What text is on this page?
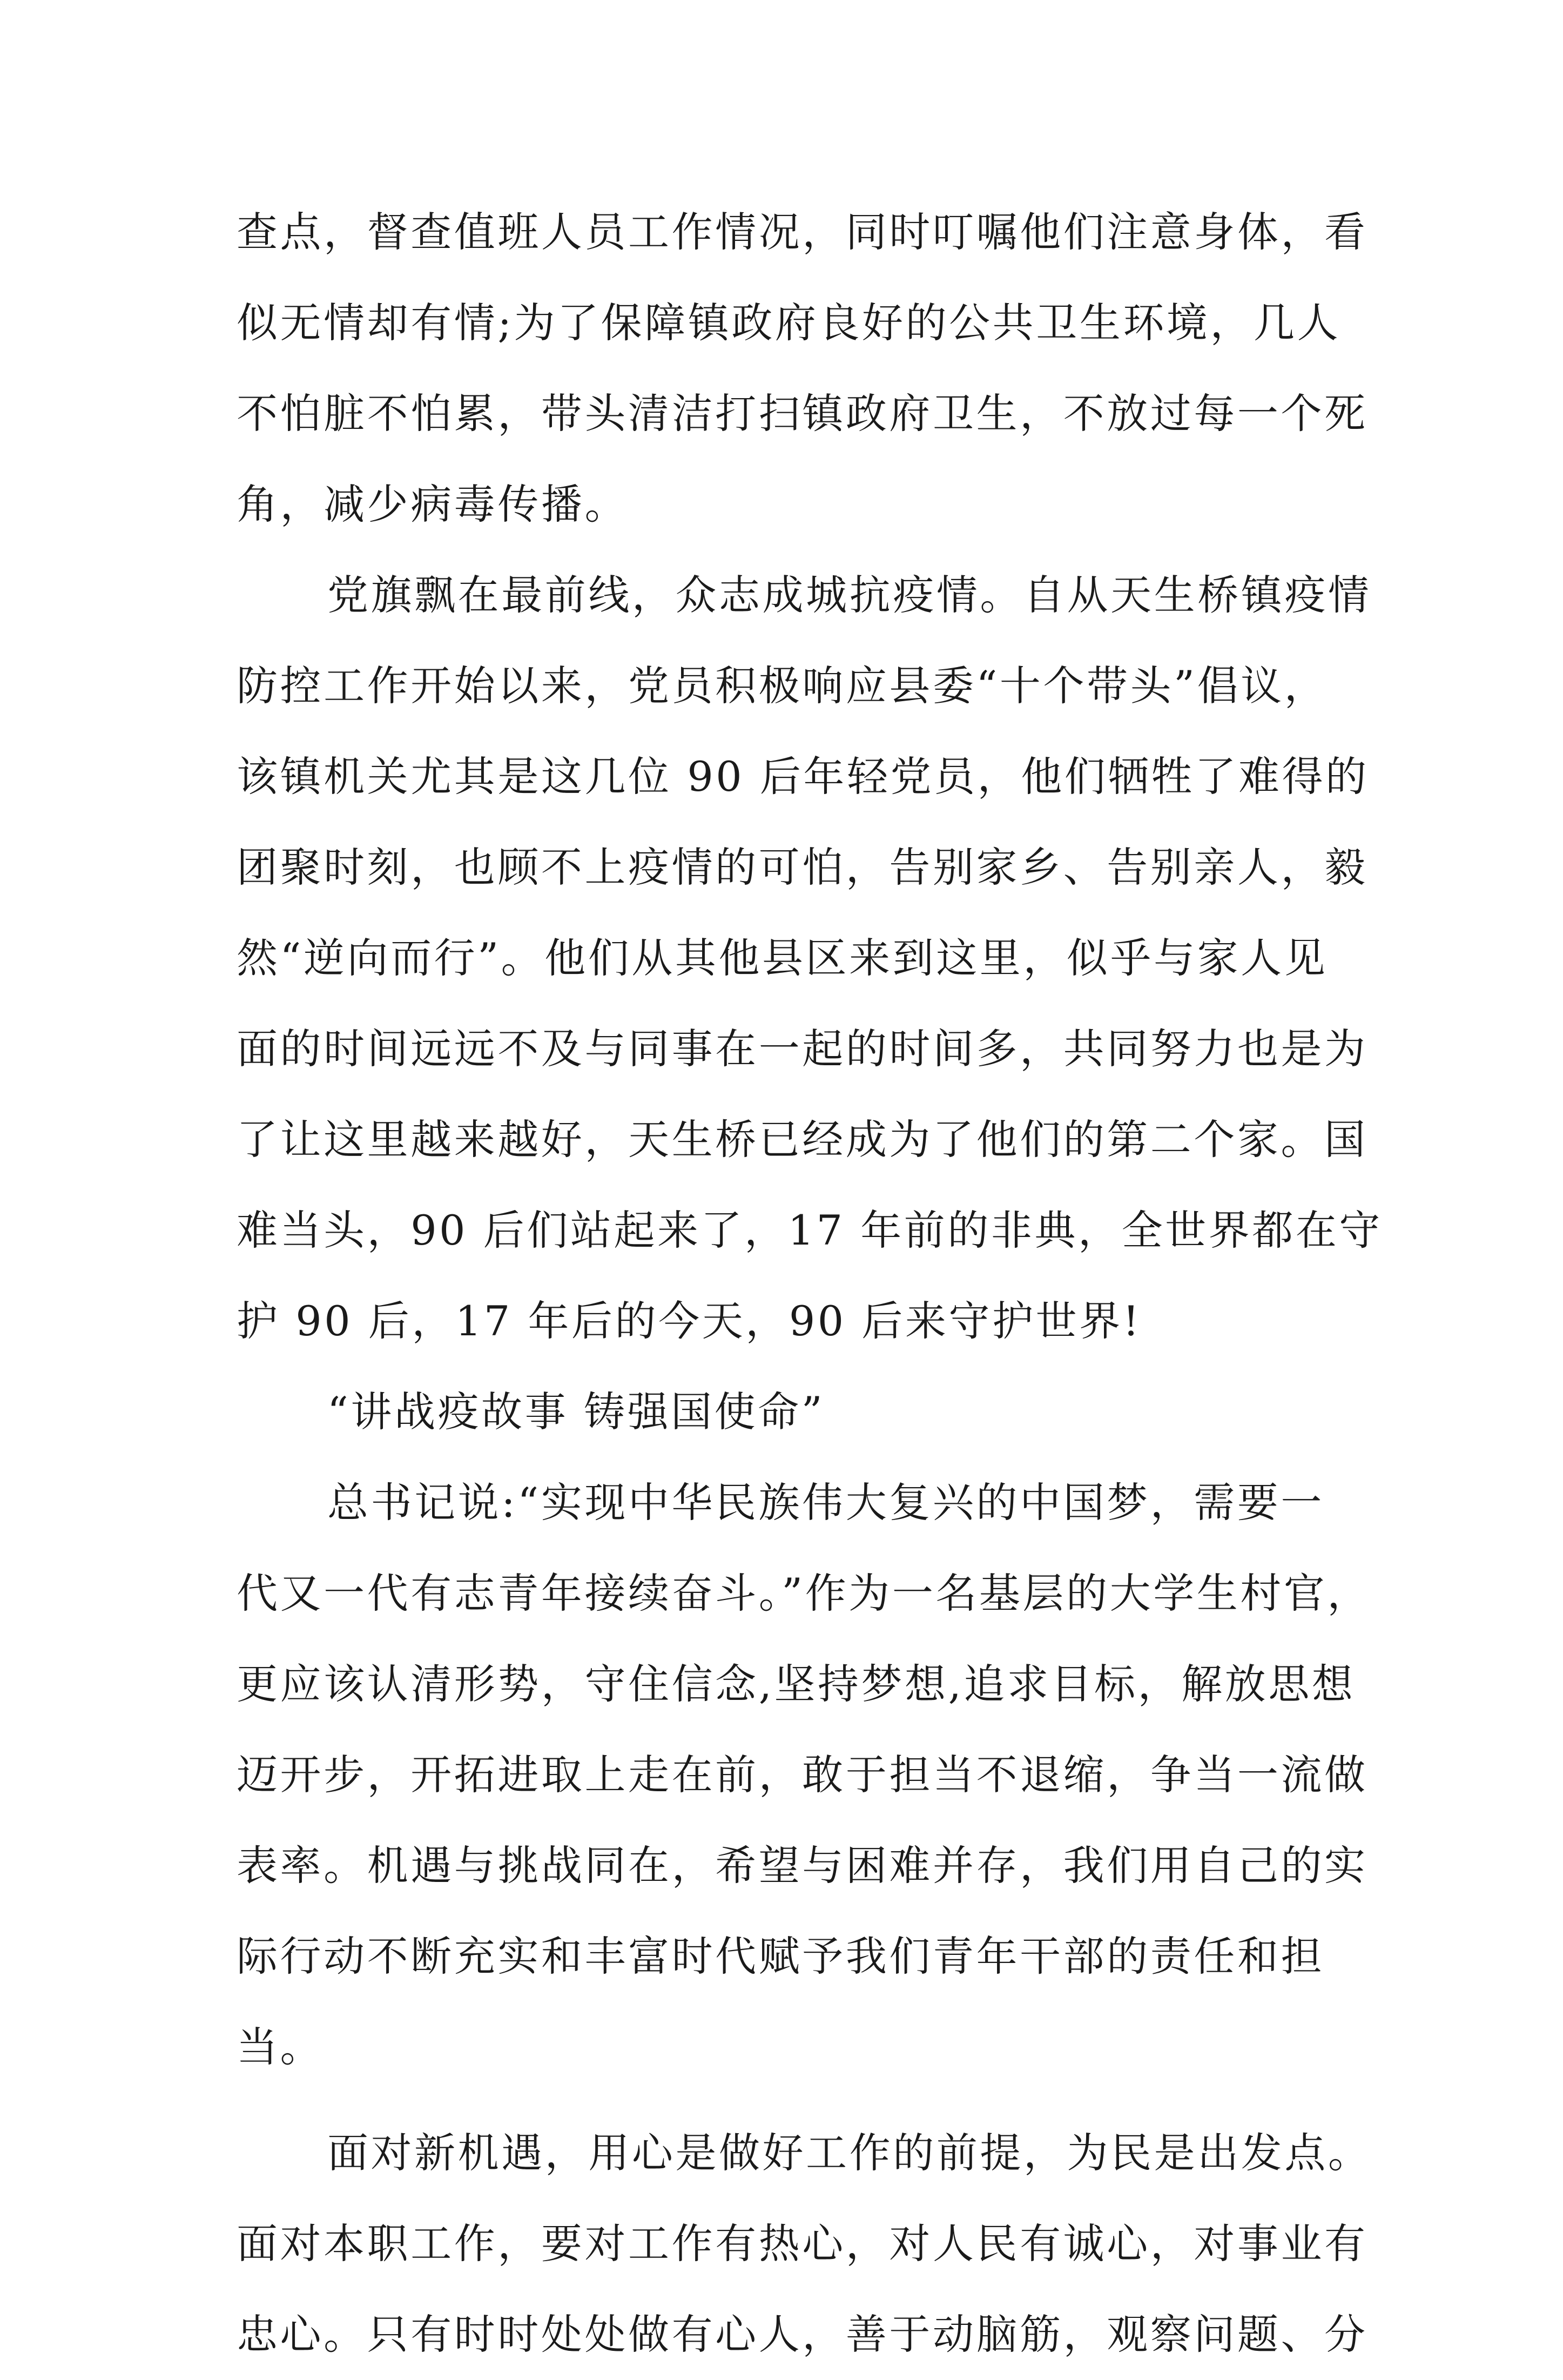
查点，督查值班人员工作情况，同时叮嘱他们注意身体，看
似无情却有情;为了保障镇政府良好的公共卫生环境，几人
不怕脏不怕累，带头清洁打扫镇政府卫生，不放过每一个死
角，减少病毒传播。
党旗飘在最前线，众志成城抗疫情。自从天生桥镇疫情
防控工作开始以来，党员积极响应县委“十个带头”倡议，
该镇机关尤其是这几位 90 后年轻党员，他们牺牲了难得的
团聚时刻，也顾不上疫情的可怕，告别家乡、告别亲人，毅
然“逆向而行”。他们从其他县区来到这里，似乎与家人见
面的时间远远不及与同事在一起的时间多，共同努力也是为
了让这里越来越好，天生桥已经成为了他们的第二个家。国
难当头，90 后们站起来了，17 年前的非典，全世界都在守
护 90 后，17 年后的今天，90 后来守护世界!
“讲战疫故事 铸强国使命”
总书记说:“实现中华民族伟大复兴的中国梦，需要一
代又一代有志青年接续奋斗。”作为一名基层的大学生村官，
更应该认清形势，守住信念,坚持梦想,追求目标，解放思想
迈开步，开拓进取上走在前，敢于担当不退缩，争当一流做
表率。机遇与挑战同在，希望与困难并存，我们用自己的实
际行动不断充实和丰富时代赋予我们青年干部的责任和担
当。
面对新机遇，用心是做好工作的前提，为民是出发点。
面对本职工作，要对工作有热心，对人民有诚心，对事业有
忠心。只有时时处处做有心人，善于动脑筋，观察问题、分
